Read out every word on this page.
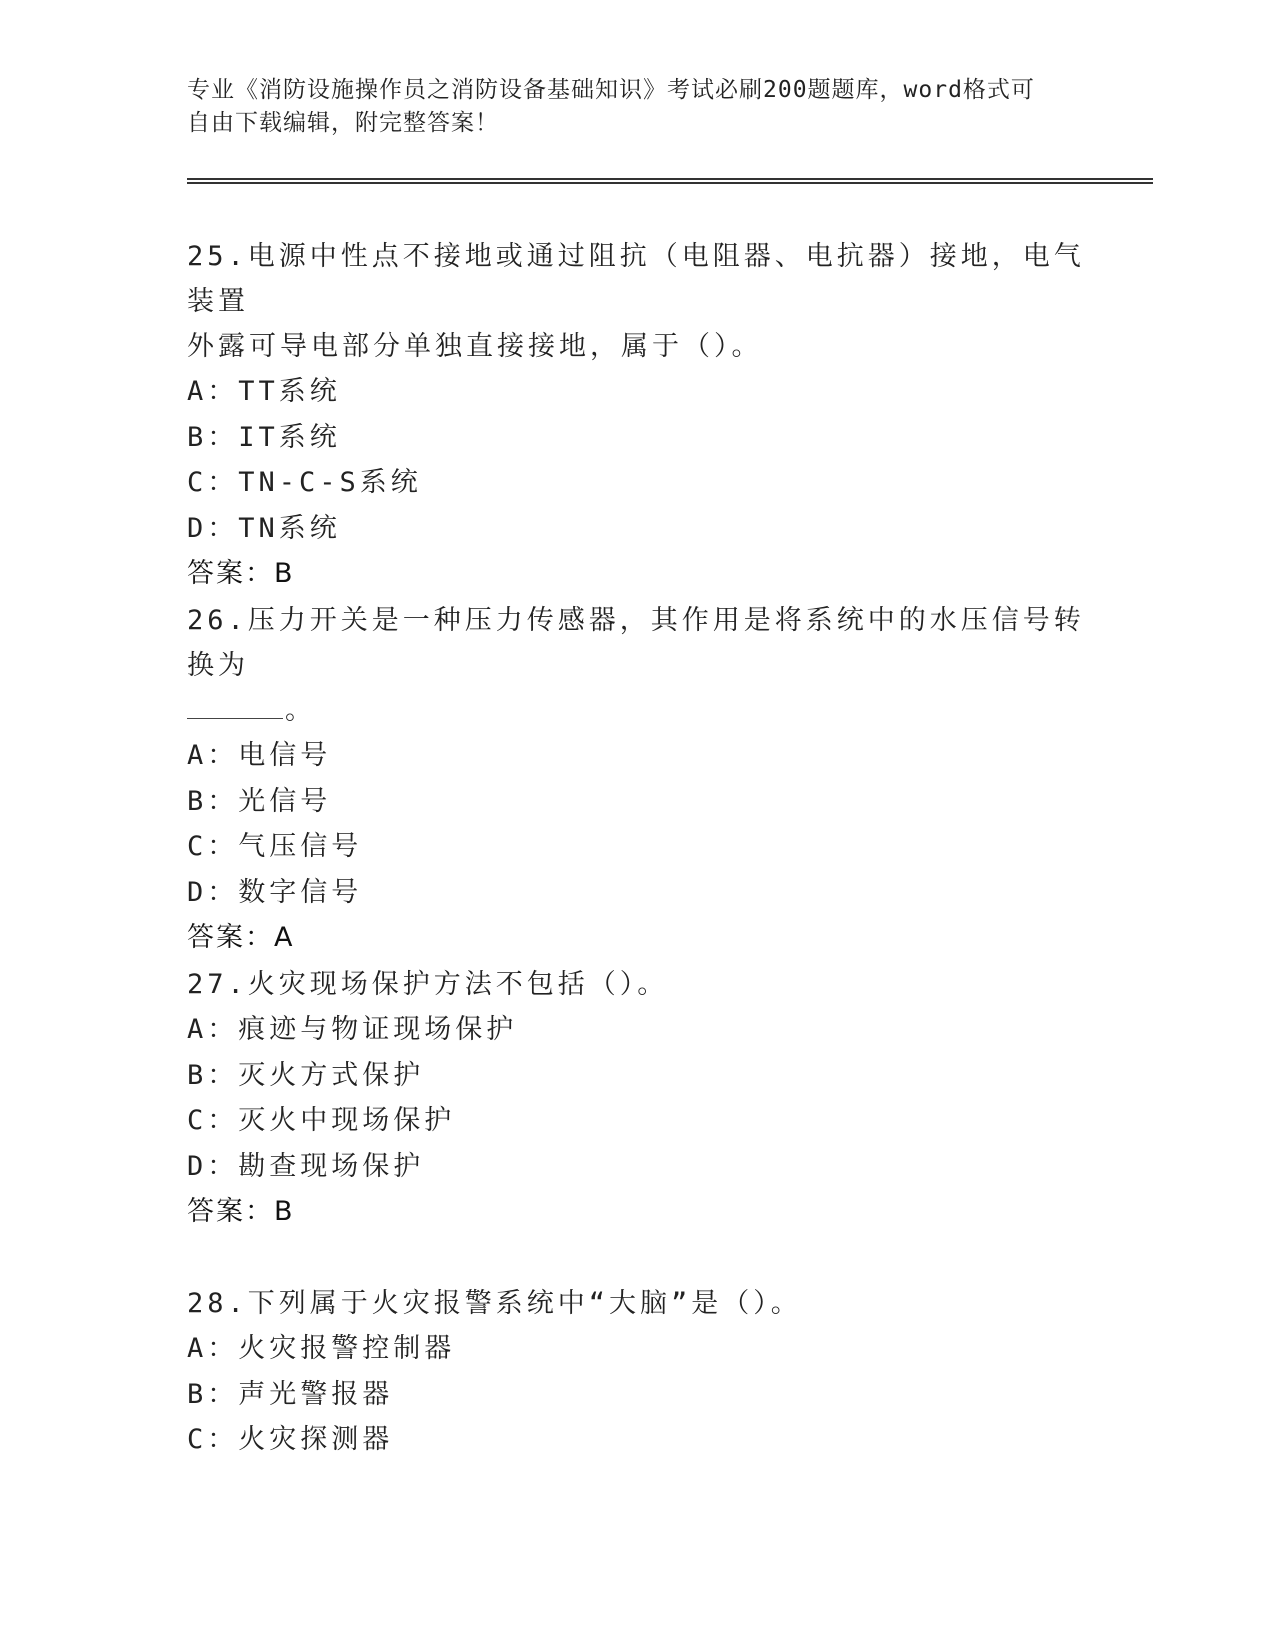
专业《消防设施操作员之消防设备基础知识》考试必刷200题题库，word格式可
自由下载编辑，附完整答案！
25.电源中性点不接地或通过阻抗（电阻器、电抗器）接地，电气装置
外露可导电部分单独直接接地，属于（）。
A：TT系统
B：IT系统
C：TN-C-S系统
D：TN系统
答案：B
26.压力开关是一种压力传感器，其作用是将系统中的水压信号转换为
。
A：电信号
B：光信号
C：气压信号
D：数字信号
答案：A
27.火灾现场保护方法不包括（）。
A：痕迹与物证现场保护
B：灭火方式保护
C：灭火中现场保护
D：勘查现场保护
答案：B
28.下列属于火灾报警系统中“大脑”是（）。
A：火灾报警控制器
B：声光警报器
C：火灾探测器
